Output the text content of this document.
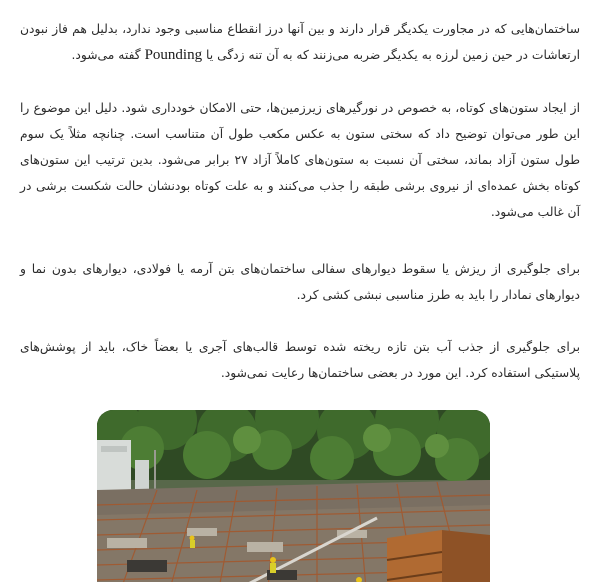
ساختمان‌هایی که در مجاورت یکدیگر قرار دارند و بین آنها درز انقطاع مناسبی وجود ندارد، بدلیل هم فاز نبودن ارتعاشات در حین زمین لرزه به یکدیگر ضربه می‌زنند که به آن تنه زدگی یا Pounding گفته می‌شود.

از ایجاد ستون‌های کوتاه، به خصوص در نورگیرهای زیرزمین‌ها، حتی الامکان خودداری شود. دلیل این موضوع را این طور می‌توان توضیح داد که سختی ستون به عکس مکعب طول آن متناسب است. چنانچه مثلاً یک سوم طول ستون آزاد بماند، سختی آن نسبت به ستون‌های کاملاً آزاد ۲۷ برابر می‌شود. بدین ترتیب این ستون‌های کوتاه بخش عمده‌ای از نیروی برشی طبقه را جذب می‌کنند و به علت کوتاه بودنشان حالت شکست برشی در آن غالب می‌شود.

برای جلوگیری از ریزش یا سقوط دیوارهای سفالی ساختمان‌های بتن آرمه یا فولادی، دیوارهای بدون نما و دیوارهای نمادار را باید به طرز مناسبی نبشی کشی کرد.

برای جلوگیری از جذب آب بتن تازه ریخته شده توسط قالب‌های آجری یا بعضاً خاک، باید از پوشش‌های پلاستیکی استفاده کرد. این مورد در بعضی ساختمان‌ها رعایت نمی‌شود.
